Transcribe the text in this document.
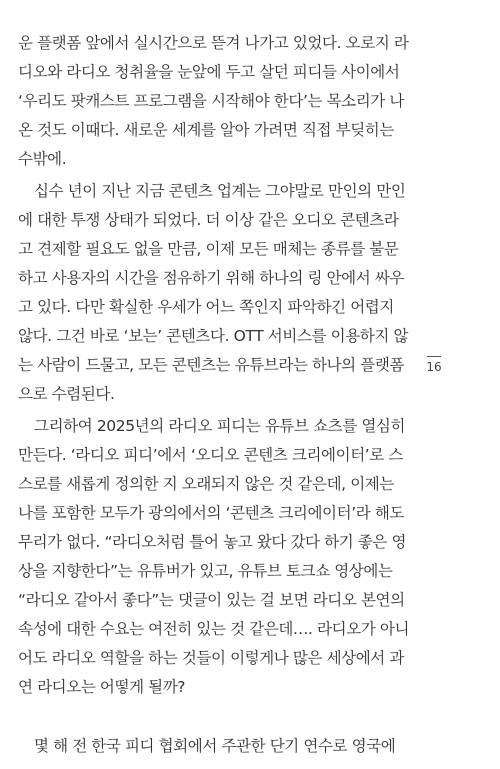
운 플랫폼 앞에서 실시간으로 뜯겨 나가고 있었다. 오로지 라
디오와 라디오 청취율을 눈앞에 두고 살던 피디들 사이에서
‘우리도 팟캐스트 프로그램을 시작해야 한다’는 목소리가 나
온 것도 이때다. 새로운 세계를 알아 가려면 직접 부딪히는
수밖에.
십수 년이 지난 지금 콘텐츠 업계는 그야말로 만인의 만인
에 대한 투쟁 상태가 되었다. 더 이상 같은 오디오 콘텐츠라
고 견제할 필요도 없을 만큼, 이제 모든 매체는 종류를 불문
하고 사용자의 시간을 점유하기 위해 하나의 링 안에서 싸우
고 있다. 다만 확실한 우세가 어느 쪽인지 파악하긴 어렵지
않다. 그건 바로 ‘보는’ 콘텐츠다. OTT 서비스를 이용하지 않
는 사람이 드물고, 모든 콘텐츠는 유튜브라는 하나의 플랫폼
으로 수렴된다.
그리하여 2025년의 라디오 피디는 유튜브 쇼츠를 열심히
만든다. ‘라디오 피디’에서 ‘오디오 콘텐츠 크리에이터’로 스
스로를 새롭게 정의한 지 오래되지 않은 것 같은데, 이제는
나를 포함한 모두가 광의에서의 ‘콘텐츠 크리에이터’라 해도
무리가 없다. “라디오처럼 틀어 놓고 왔다 갔다 하기 좋은 영
상을 지향한다”는 유튜버가 있고, 유튜브 토크쇼 영상에는
“라디오 같아서 좋다”는 댓글이 있는 걸 보면 라디오 본연의
속성에 대한 수요는 여전히 있는 것 같은데…. 라디오가 아니
어도 라디오 역할을 하는 것들이 이렇게나 많은 세상에서 과
연 라디오는 어떻게 될까?
몇 해 전 한국 피디 협회에서 주관한 단기 연수로 영국에
16
